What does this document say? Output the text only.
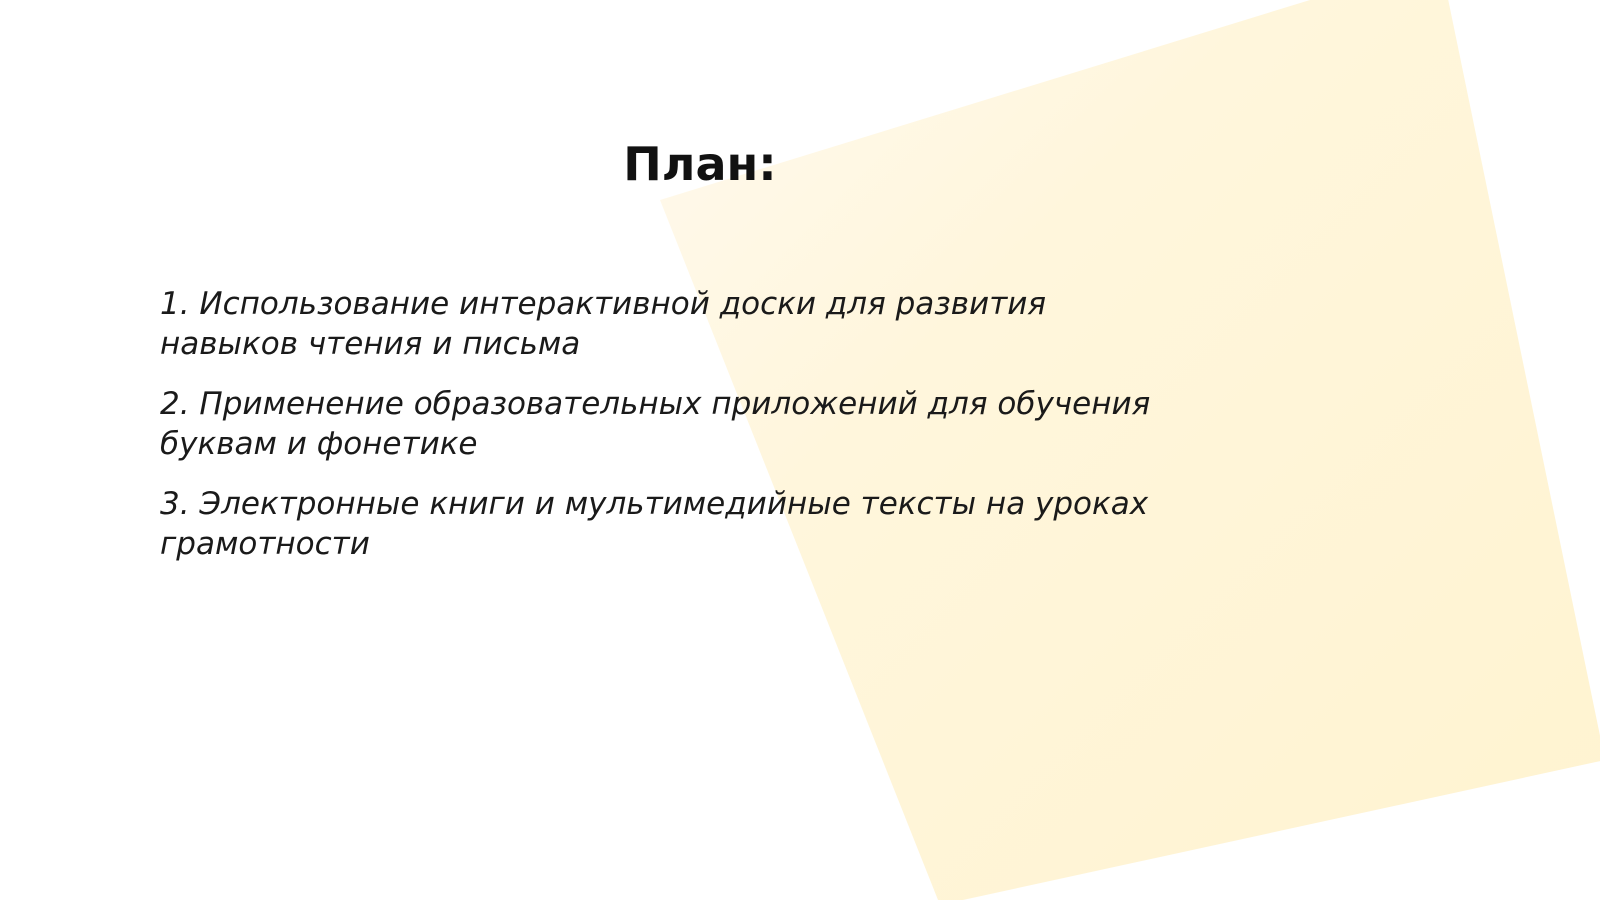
План:
1. Использование интерактивной доски для развития
навыков чтения и письма
2. Применение образовательных приложений для обучения
буквам и фонетике
3. Электронные книги и мультимедийные тексты на уроках
грамотности
